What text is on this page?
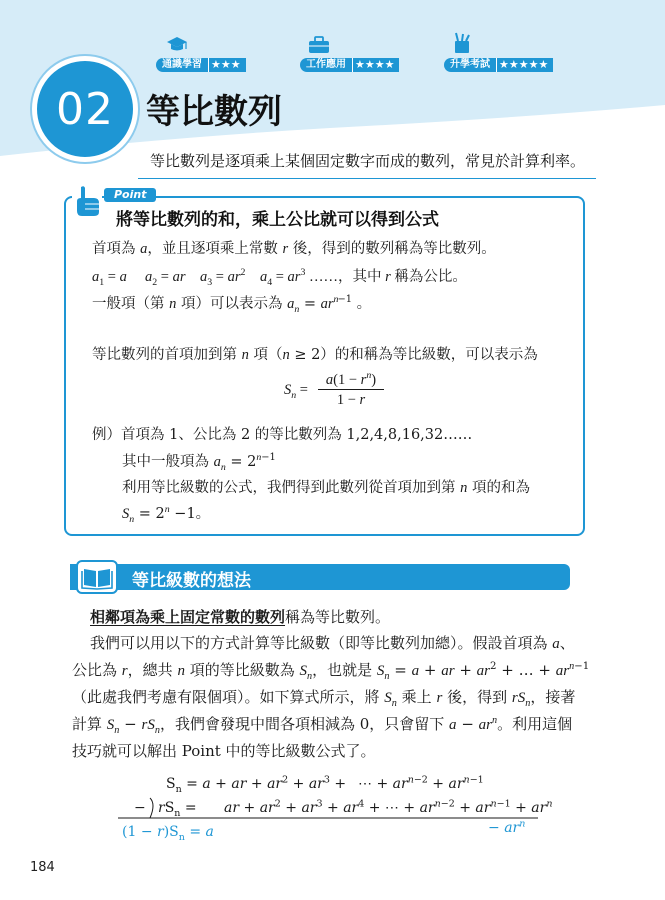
通識學習 ★★★	工作應用 ★★★★	升學考試 ★★★★★
02 等比數列
等比數列是逐項乘上某個固定數字而成的數列，常見於計算利率。
Point
將等比數列的和，乘上公比就可以得到公式
首項為 a，並且逐項乘上常數 r 後，得到的數列稱為等比數列。
$a_1 = a$ $a_2$ = ar $a_3 = ar^2$ $a_4 = ar^3$ ……，其中 r 稱為公比。
一般項（第 n 項）可以表示為 $a_n = ar^{n-1}$ 。
等比數列的首項加到第 n 項（n ≥ 2）的和稱為等比級數，可以表示為
$S_n = \frac{a(1 - r^n)}{1 - r}$
例）首項為 1、公比為 2 的等比數列為 1,2,4,8,16,32……
其中一般項為 $a_n = 2^{n-1}$
利用等比級數的公式，我們得到此數列從首項加到第 n 項的和為
$S_n = 2^n -1$。
等比級數的想法
相鄰項為乘上固定常數的數列稱為等比數列。
我們可以用以下的方式計算等比級數（即等比數列加總）。假設首項為 a、
公比為 r，總共 n 項的等比級數為 $S_n$，也就是 $S_n = a$ + ar + $ar^2$ + … + $ar^{n-1}$
（此處我們考慮有限個項）。如下算式所示，將 $S_n$ 乘上 r 後，得到 $rS_n$，接著
計算 $S_n - rS_n$，我們會發現中間各項相減為 0，只會留下 $a - ar^n$。利用這個
技巧就可以解出 Point 中的等比級數公式了。
$S_n = a$ + ar + $ar^2 + ar^3$ + ⋯ + $ar^{n-2} + ar^{n-1}$
− $rS_n$ = ar + $ar^2 + ar^3 + ar^4$ + ⋯ + $ar^{n-2} + ar^{n-1} + ar^n$
$(1 - r)S_n = a$	− $ar^n$
184
